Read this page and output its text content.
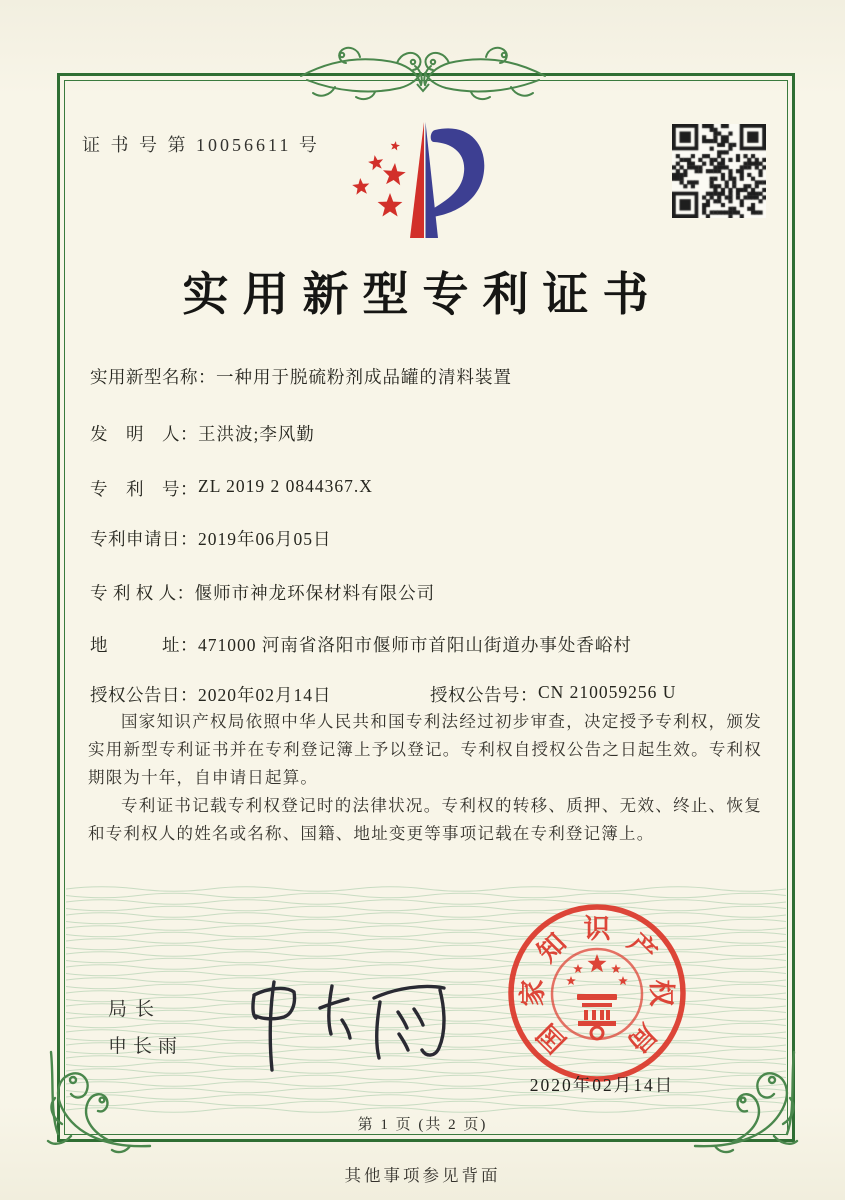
证 书 号 第 10056611 号
实用新型专利证书
实用新型名称： 一种用于脱硫粉剂成品罐的清料装置
发　明　人： 王洪波;李风勤
专　利　号： ZL 2019 2 0844367.X
专利申请日： 2019年06月05日
专 利 权 人： 偃师市神龙环保材料有限公司
地　　　址： 471000 河南省洛阳市偃师市首阳山街道办事处香峪村
授权公告日： 2020年02月14日	授权公告号： CN 210059256 U

国家知识产权局依照中华人民共和国专利法经过初步审查，决定授予专利权，颁发实用新型专利证书并在专利登记簿上予以登记。专利权自授权公告之日起生效。专利权期限为十年，自申请日起算。

专利证书记载专利权登记时的法律状况。专利权的转移、质押、无效、终止、恢复和专利权人的姓名或名称、国籍、地址变更等事项记载在专利登记簿上。

局长
申长雨	国
家
知 识 产
权
局
2020年02月14日
第 1 页 (共 2 页)
其他事项参见背面
